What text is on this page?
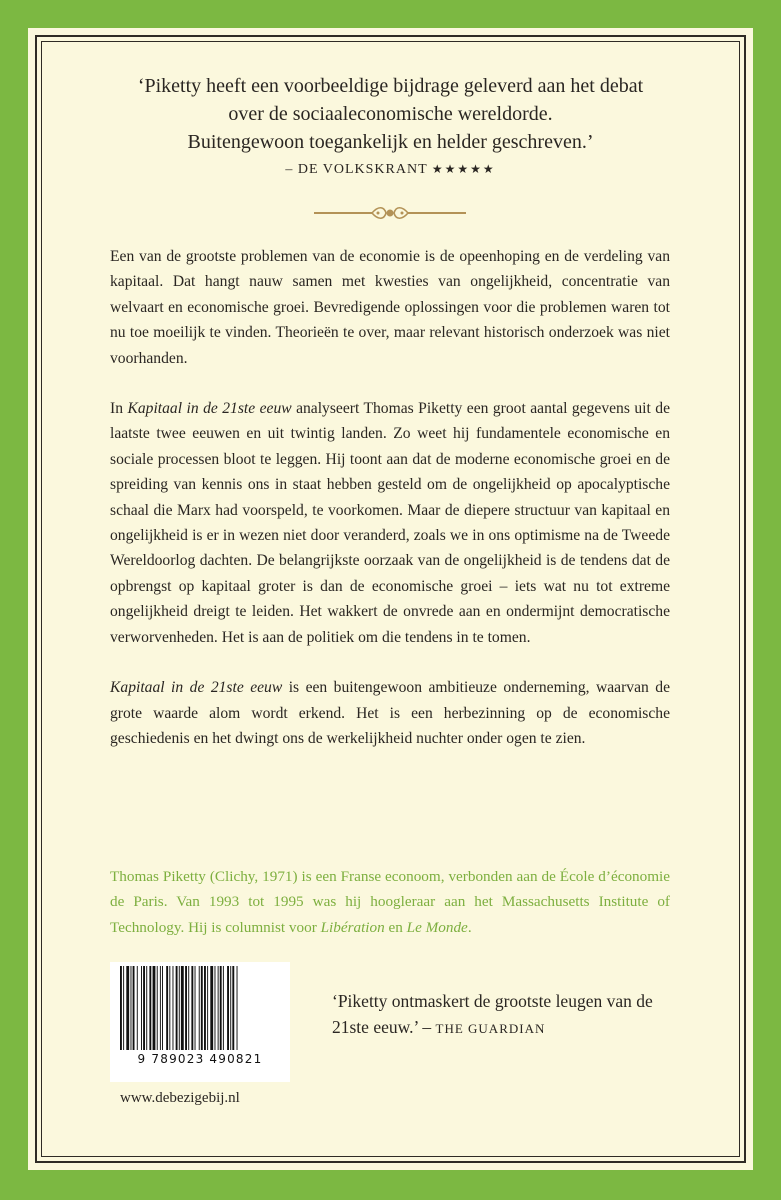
‘Piketty heeft een voorbeeldige bijdrage geleverd aan het debat
over de sociaaleconomische wereldorde.
Buitengewoon toegankelijk en helder geschreven.’
– DE VOLKSKRANT ★★★★★

Een van de grootste problemen van de economie is de opeenhoping en de verdeling van kapitaal. Dat hangt nauw samen met kwesties van ongelijkheid, concentratie van welvaart en economische groei. Bevredigende oplossingen voor die problemen waren tot nu toe moeilijk te vinden. Theorieën te over, maar relevant historisch onderzoek was niet voorhanden.

In Kapitaal in de 21ste eeuw analyseert Thomas Piketty een groot aantal gegevens uit de laatste twee eeuwen en uit twintig landen. Zo weet hij fundamentele economische en sociale processen bloot te leggen. Hij toont aan dat de moderne economische groei en de spreiding van kennis ons in staat hebben gesteld om de ongelijkheid op apocalyptische schaal die Marx had voorspeld, te voorkomen. Maar de diepere structuur van kapitaal en ongelijkheid is er in wezen niet door veranderd, zoals we in ons optimisme na de Tweede Wereldoorlog dachten. De belangrijkste oorzaak van de ongelijkheid is de tendens dat de opbrengst op kapitaal groter is dan de economische groei – iets wat nu tot extreme ongelijkheid dreigt te leiden. Het wakkert de onvrede aan en ondermijnt democratische verworvenheden. Het is aan de politiek om die tendens in te tomen.

Kapitaal in de 21ste eeuw is een buitengewoon ambitieuze onderneming, waarvan de grote waarde alom wordt erkend. Het is een herbezinning op de economische geschiedenis en het dwingt ons de werkelijkheid nuchter onder ogen te zien.

Thomas Piketty (Clichy, 1971) is een Franse econoom, verbonden aan de École d’économie de Paris. Van 1993 tot 1995 was hij hoogleraar aan het Massachusetts Institute of Technology. Hij is columnist voor Libération en Le Monde.

9 789023 490821
www.debezigebij.nl
‘Piketty ontmaskert de grootste leugen van de 21ste eeuw.’ – THE GUARDIAN
